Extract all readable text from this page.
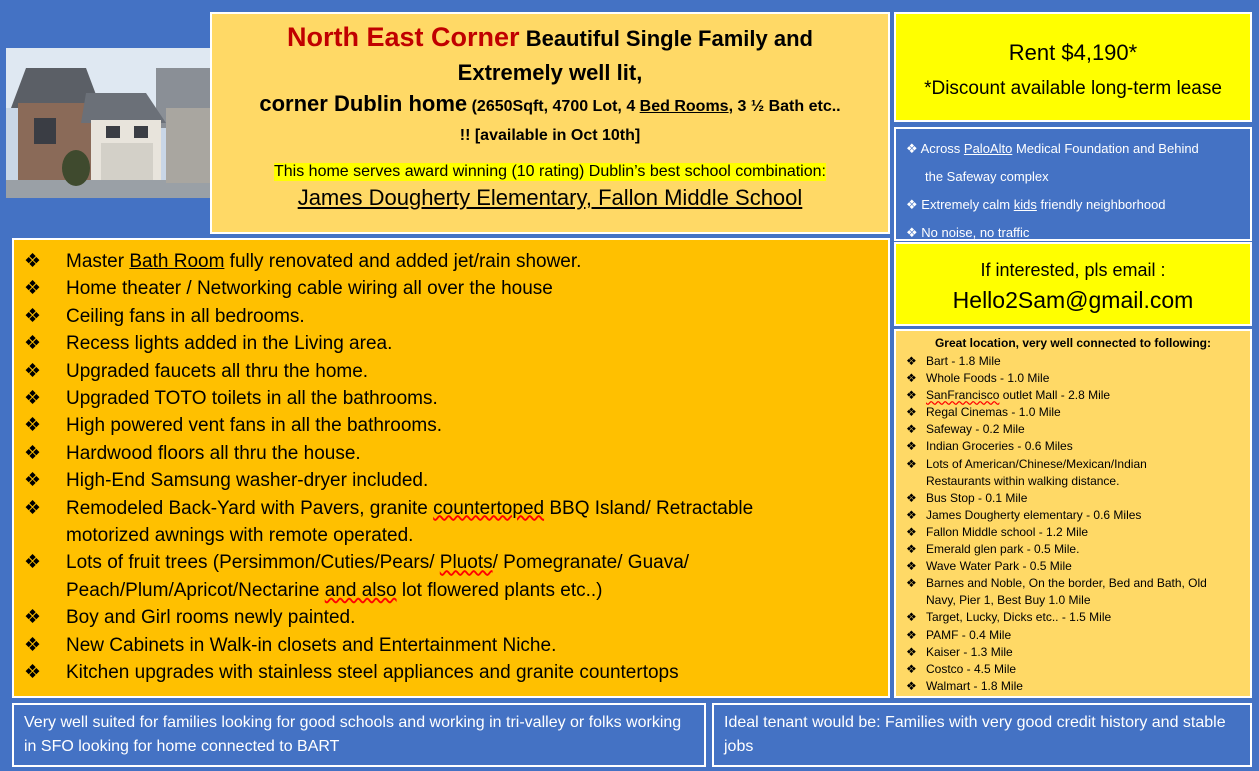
North East Corner Beautiful Single Family and
Extremely well lit,
corner Dublin home (2650Sqft, 4700 Lot, 4 Bed Rooms, 3 ½ Bath etc..
!! [available in Oct 10th]
This home serves award winning (10 rating) Dublin’s best school combination:
James Dougherty Elementary, Fallon Middle School
Rent $4,190*
*Discount available long-term lease
❖ Across PaloAlto Medical Foundation and Behind
the Safeway complex
❖ Extremely calm kids friendly neighborhood
❖ No noise, no traffic
If interested, pls email :
Hello2Sam@gmail.com
❖ Master Bath Room fully renovated and added jet/rain shower.
❖ Home theater / Networking cable wiring all over the house
❖ Ceiling fans in all bedrooms.
❖ Recess lights added in the Living area.
❖ Upgraded faucets all thru the home.
❖ Upgraded TOTO toilets in all the bathrooms.
❖ High powered vent fans in all the bathrooms.
❖ Hardwood floors all thru the house.
❖ High-End Samsung washer-dryer included.
❖ Remodeled Back-Yard with Pavers, granite countertoped BBQ Island/ Retractable
motorized awnings with remote operated.
❖ Lots of fruit trees (Persimmon/Cuties/Pears/ Pluots/ Pomegranate/ Guava/
Peach/Plum/Apricot/Nectarine and also lot flowered plants etc..)
❖ Boy and Girl rooms newly painted.
❖ New Cabinets in Walk-in closets and Entertainment Niche.
❖ Kitchen upgrades with stainless steel appliances and granite countertops
Great location, very well connected to following:
❖ Bart - 1.8 Mile
❖ Whole Foods - 1.0 Mile
❖ SanFrancisco outlet Mall - 2.8 Mile
❖ Regal Cinemas - 1.0 Mile
❖ Safeway - 0.2 Mile
❖ Indian Groceries - 0.6 Miles
❖ Lots of American/Chinese/Mexican/Indian
Restaurants within walking distance.
❖ Bus Stop - 0.1 Mile
❖ James Dougherty elementary - 0.6 Miles
❖ Fallon Middle school - 1.2 Mile
❖ Emerald glen park - 0.5 Mile.
❖ Wave Water Park - 0.5 Mile
❖ Barnes and Noble, On the border, Bed and Bath, Old
Navy, Pier 1, Best Buy 1.0 Mile
❖ Target, Lucky, Dicks etc.. - 1.5 Mile
❖ PAMF - 0.4 Mile
❖ Kaiser - 1.3 Mile
❖ Costco - 4.5 Mile
❖ Walmart - 1.8 Mile
Very well suited for families looking for good schools and working in tri-valley or folks working in SFO looking for home connected to BART
Ideal tenant would be: Families with very good credit history and stable jobs
